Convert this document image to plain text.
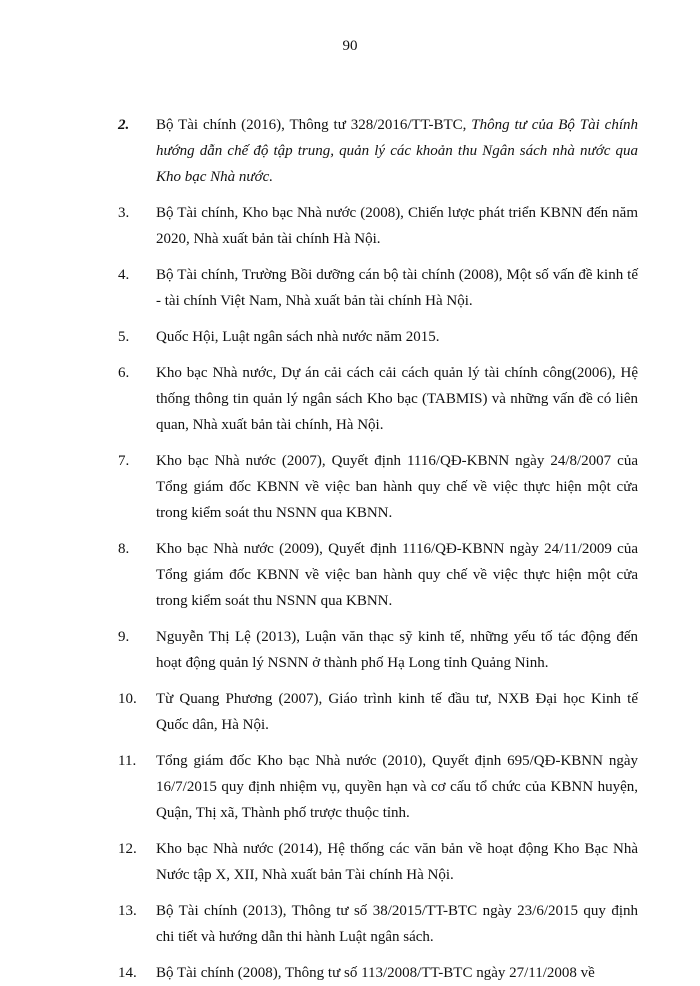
90
2.	Bộ Tài chính (2016), Thông tư 328/2016/TT-BTC, Thông tư của Bộ Tài chính hướng dẫn chế độ tập trung, quản lý các khoản thu Ngân sách nhà nước qua Kho bạc Nhà nước.
3.	Bộ Tài chính, Kho bạc Nhà nước (2008), Chiến lược phát triển KBNN đến năm 2020, Nhà xuất bản tài chính Hà Nội.
4.	Bộ Tài chính, Trường Bồi dưỡng cán bộ tài chính (2008), Một số vấn đề kinh tế - tài chính Việt Nam, Nhà xuất bản tài chính Hà Nội.
5.	Quốc Hội, Luật ngân sách nhà nước năm 2015.
6.	Kho bạc Nhà nước, Dự án cải cách cải cách quản lý tài chính công(2006), Hệ thống thông tin quản lý ngân sách Kho bạc (TABMIS) và những vấn đề có liên quan, Nhà xuất bản tài chính, Hà Nội.
7.	Kho bạc Nhà nước (2007), Quyết định 1116/QĐ-KBNN ngày 24/8/2007 của Tổng giám đốc KBNN về việc ban hành quy chế về việc thực hiện một cửa trong kiểm soát thu NSNN qua KBNN.
8.	Kho bạc Nhà nước (2009), Quyết định 1116/QĐ-KBNN ngày 24/11/2009 của Tổng giám đốc KBNN về việc ban hành quy chế về việc thực hiện một cửa trong kiểm soát thu NSNN qua KBNN.
9.	Nguyễn Thị Lệ (2013), Luận văn thạc sỹ kinh tế, những yếu tố tác động đến hoạt động quản lý NSNN ở thành phố Hạ Long tỉnh Quảng Ninh.
10.	Từ Quang Phương (2007), Giáo trình kinh tế đầu tư, NXB Đại học Kinh tế Quốc dân, Hà Nội.
11.	Tổng giám đốc Kho bạc Nhà nước (2010), Quyết định 695/QĐ-KBNN ngày 16/7/2015 quy định nhiệm vụ, quyền hạn và cơ cấu tổ chức của KBNN huyện, Quận, Thị xã, Thành phố trược thuộc tỉnh.
12.	Kho bạc Nhà nước (2014), Hệ thống các văn bản về hoạt động Kho Bạc Nhà Nước tập X, XII, Nhà xuất bản Tài chính Hà Nội.
13.	Bộ Tài chính (2013), Thông tư số 38/2015/TT-BTC ngày 23/6/2015 quy định chi tiết và hướng dẫn thi hành Luật ngân sách.
14.	Bộ Tài chính (2008), Thông tư số 113/2008/TT-BTC ngày 27/11/2008 về
